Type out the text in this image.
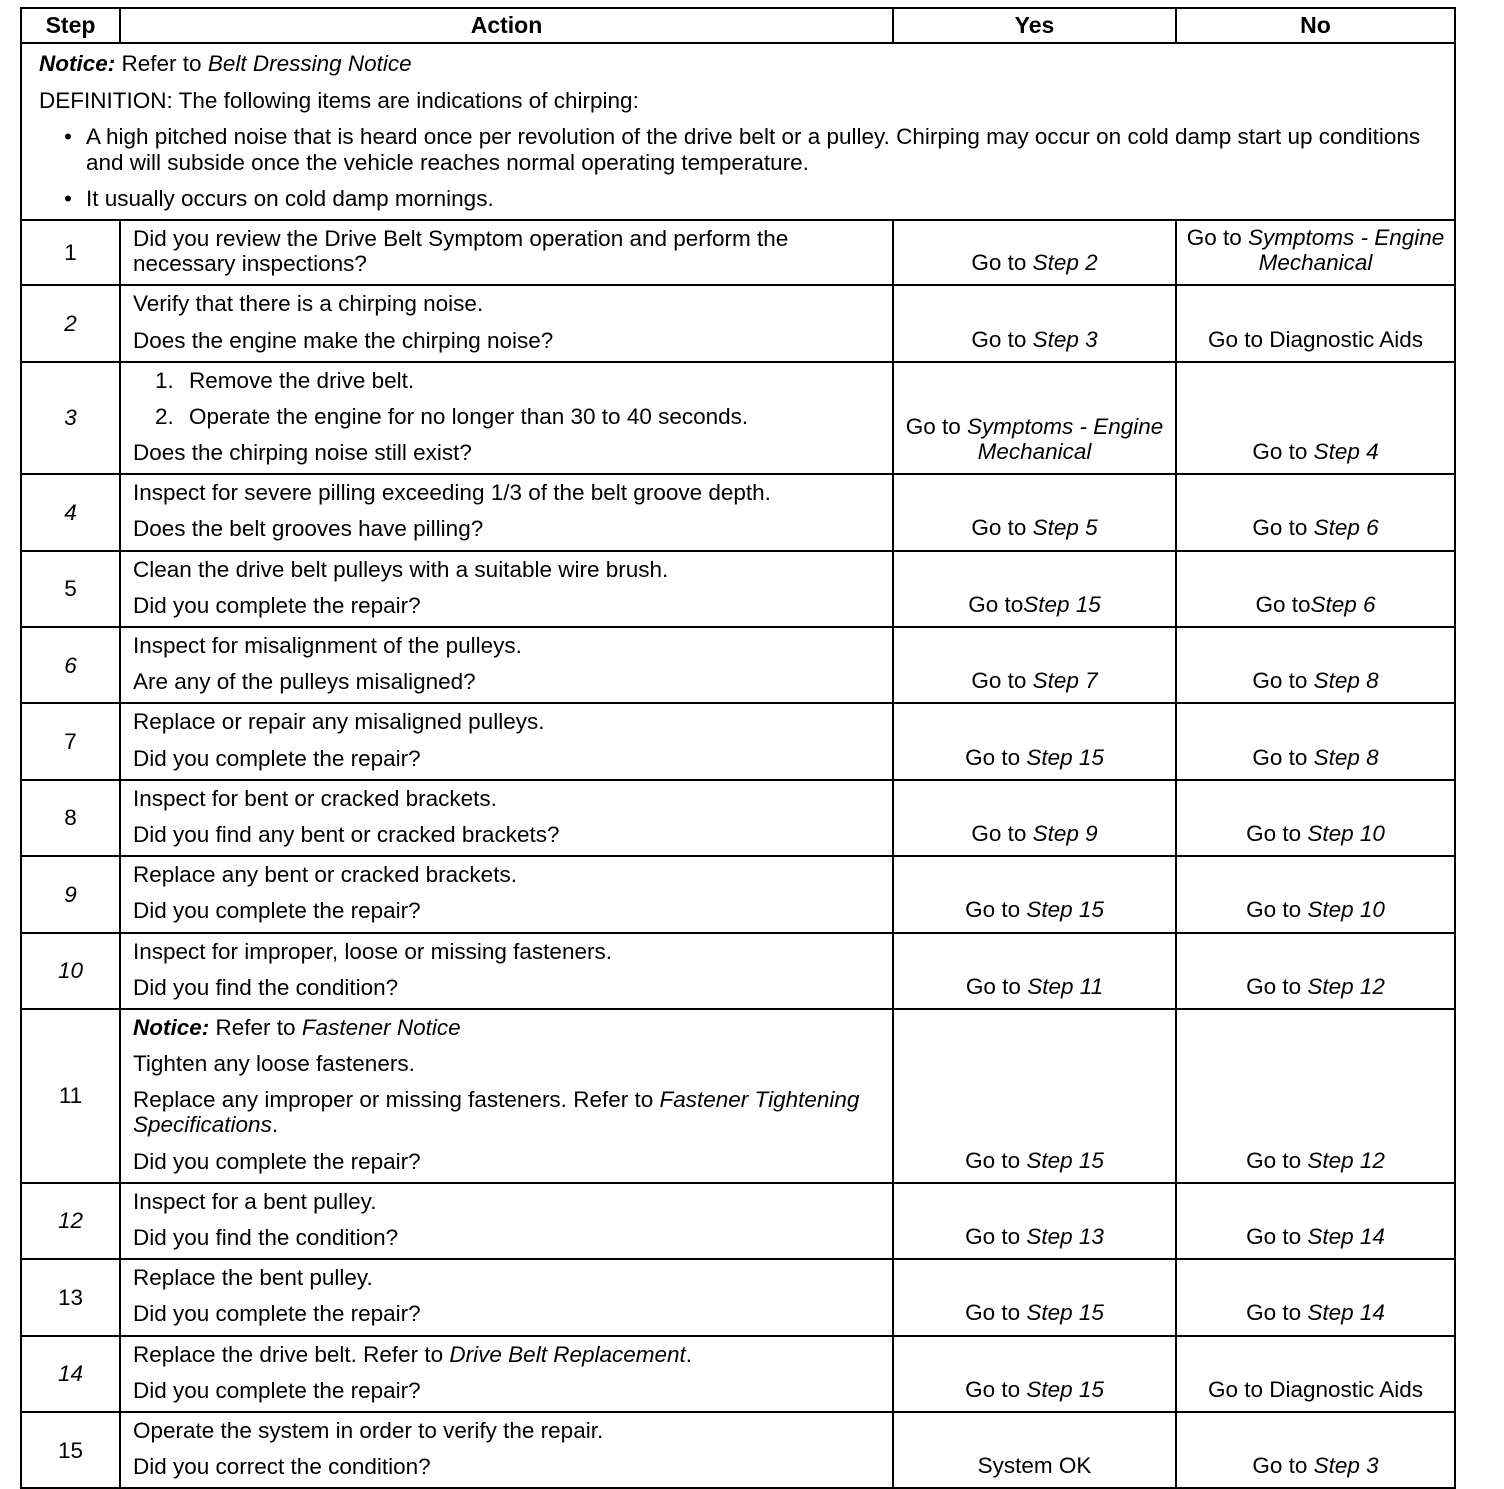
Step	Action	Yes	No

Notice: Refer to Belt Dressing Notice
DEFINITION: The following items are indications of chirping:
• A high pitched noise that is heard once per revolution of the drive belt or a pulley. Chirping may occur on cold damp start up conditions and will subside once the vehicle reaches normal operating temperature.
• It usually occurs on cold damp mornings.

1	Did you review the Drive Belt Symptom operation and perform the necessary inspections?	Go to Step 2	Go to Symptoms - Engine Mechanical
2	Verify that there is a chirping noise.
Does the engine make the chirping noise?	Go to Step 3	Go to Diagnostic Aids
3	1. Remove the drive belt.
2. Operate the engine for no longer than 30 to 40 seconds.
Does the chirping noise still exist?	Go to Symptoms - Engine Mechanical	Go to Step 4
4	Inspect for severe pilling exceeding 1/3 of the belt groove depth.
Does the belt grooves have pilling?	Go to Step 5	Go to Step 6
5	Clean the drive belt pulleys with a suitable wire brush.
Did you complete the repair?	Go toStep 15	Go toStep 6
6	Inspect for misalignment of the pulleys.
Are any of the pulleys misaligned?	Go to Step 7	Go to Step 8
7	Replace or repair any misaligned pulleys.
Did you complete the repair?	Go to Step 15	Go to Step 8
8	Inspect for bent or cracked brackets.
Did you find any bent or cracked brackets?	Go to Step 9	Go to Step 10
9	Replace any bent or cracked brackets.
Did you complete the repair?	Go to Step 15	Go to Step 10
10	Inspect for improper, loose or missing fasteners.
Did you find the condition?	Go to Step 11	Go to Step 12
11	Notice: Refer to Fastener Notice
Tighten any loose fasteners.
Replace any improper or missing fasteners. Refer to Fastener Tightening Specifications.
Did you complete the repair?	Go to Step 15	Go to Step 12
12	Inspect for a bent pulley.
Did you find the condition?	Go to Step 13	Go to Step 14
13	Replace the bent pulley.
Did you complete the repair?	Go to Step 15	Go to Step 14
14	Replace the drive belt. Refer to Drive Belt Replacement.
Did you complete the repair?	Go to Step 15	Go to Diagnostic Aids
15	Operate the system in order to verify the repair.
Did you correct the condition?	System OK	Go to Step 3
